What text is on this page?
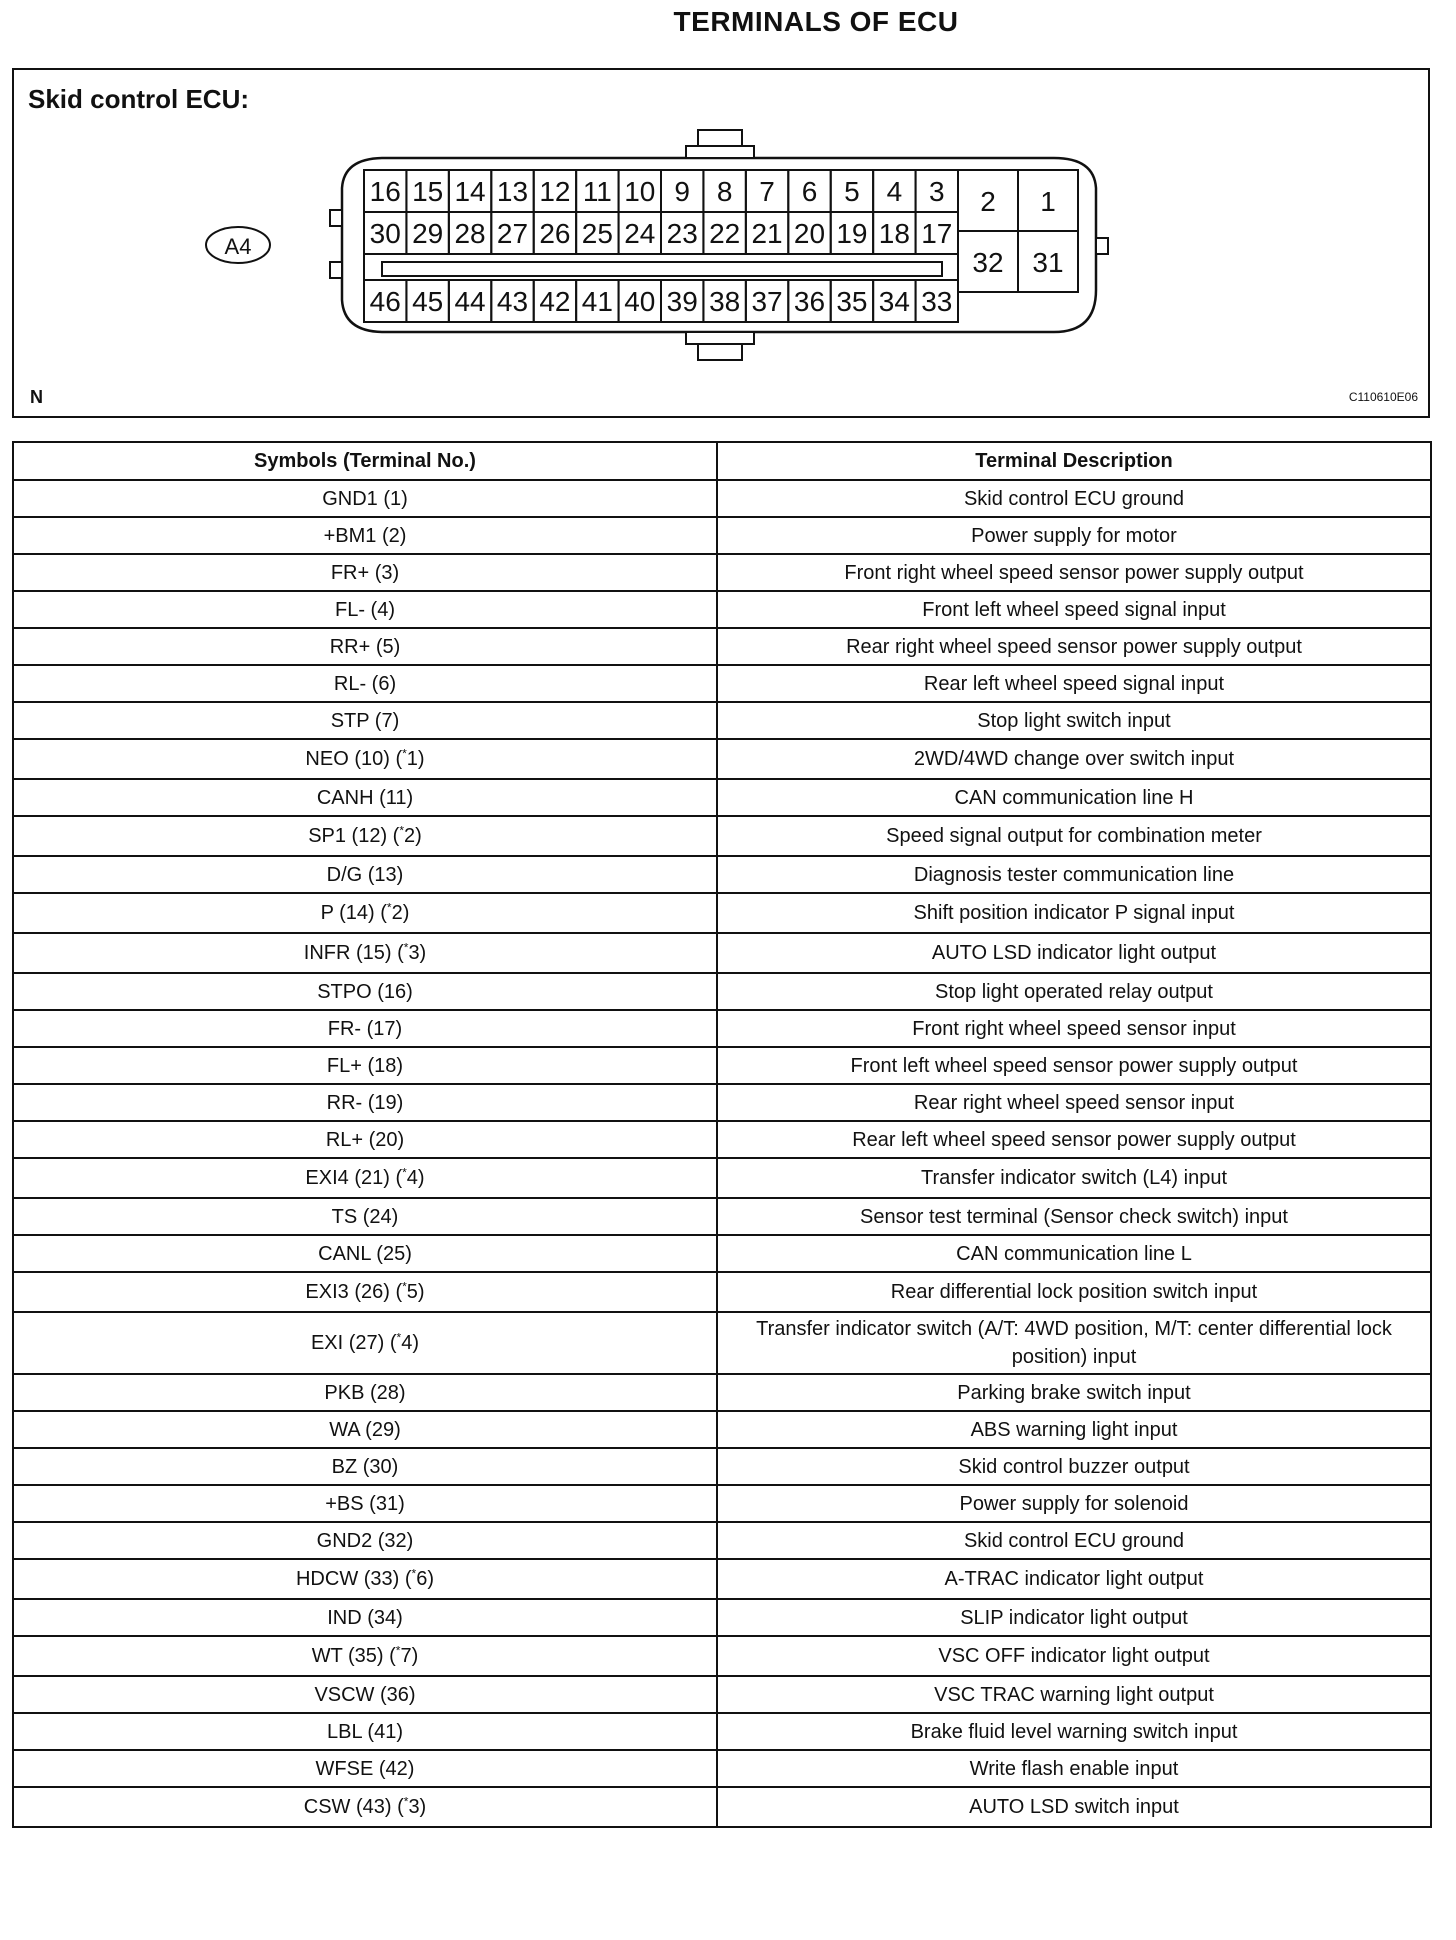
TERMINALS OF ECU
A4
16 15 14 13 12 11 10 9 8 7 6 5 4 3
30 29 28 27 26 25 24 23 22 21 20 19 18 17
46 45 44 43 42 41 40 39 38 37 36 35 34 33
2 1
32 31
Skid control ECU:
N	C110610E06
Symbols (Terminal No.)	Terminal Description
GND1 (1)	Skid control ECU ground
+BM1 (2)	Power supply for motor
FR+ (3)	Front right wheel speed sensor power supply output
FL- (4)	Front left wheel speed signal input
RR+ (5)	Rear right wheel speed sensor power supply output
RL- (6)	Rear left wheel speed signal input
STP (7)	Stop light switch input
NEO (10) (*1)	2WD/4WD change over switch input
CANH (11)	CAN communication line H
SP1 (12) (*2)	Speed signal output for combination meter
D/G (13)	Diagnosis tester communication line
P (14) (*2)	Shift position indicator P signal input
INFR (15) (*3)	AUTO LSD indicator light output
STPO (16)	Stop light operated relay output
FR- (17)	Front right wheel speed sensor input
FL+ (18)	Front left wheel speed sensor power supply output
RR- (19)	Rear right wheel speed sensor input
RL+ (20)	Rear left wheel speed sensor power supply output
EXI4 (21) (*4)	Transfer indicator switch (L4) input
TS (24)	Sensor test terminal (Sensor check switch) input
CANL (25)	CAN communication line L
EXI3 (26) (*5)	Rear differential lock position switch input
EXI (27) (*4)	Transfer indicator switch (A/T: 4WD position, M/T: center differential lock position) input
PKB (28)	Parking brake switch input
WA (29)	ABS warning light input
BZ (30)	Skid control buzzer output
+BS (31)	Power supply for solenoid
GND2 (32)	Skid control ECU ground
HDCW (33) (*6)	A-TRAC indicator light output
IND (34)	SLIP indicator light output
WT (35) (*7)	VSC OFF indicator light output
VSCW (36)	VSC TRAC warning light output
LBL (41)	Brake fluid level warning switch input
WFSE (42)	Write flash enable input
CSW (43) (*3)	AUTO LSD switch input
